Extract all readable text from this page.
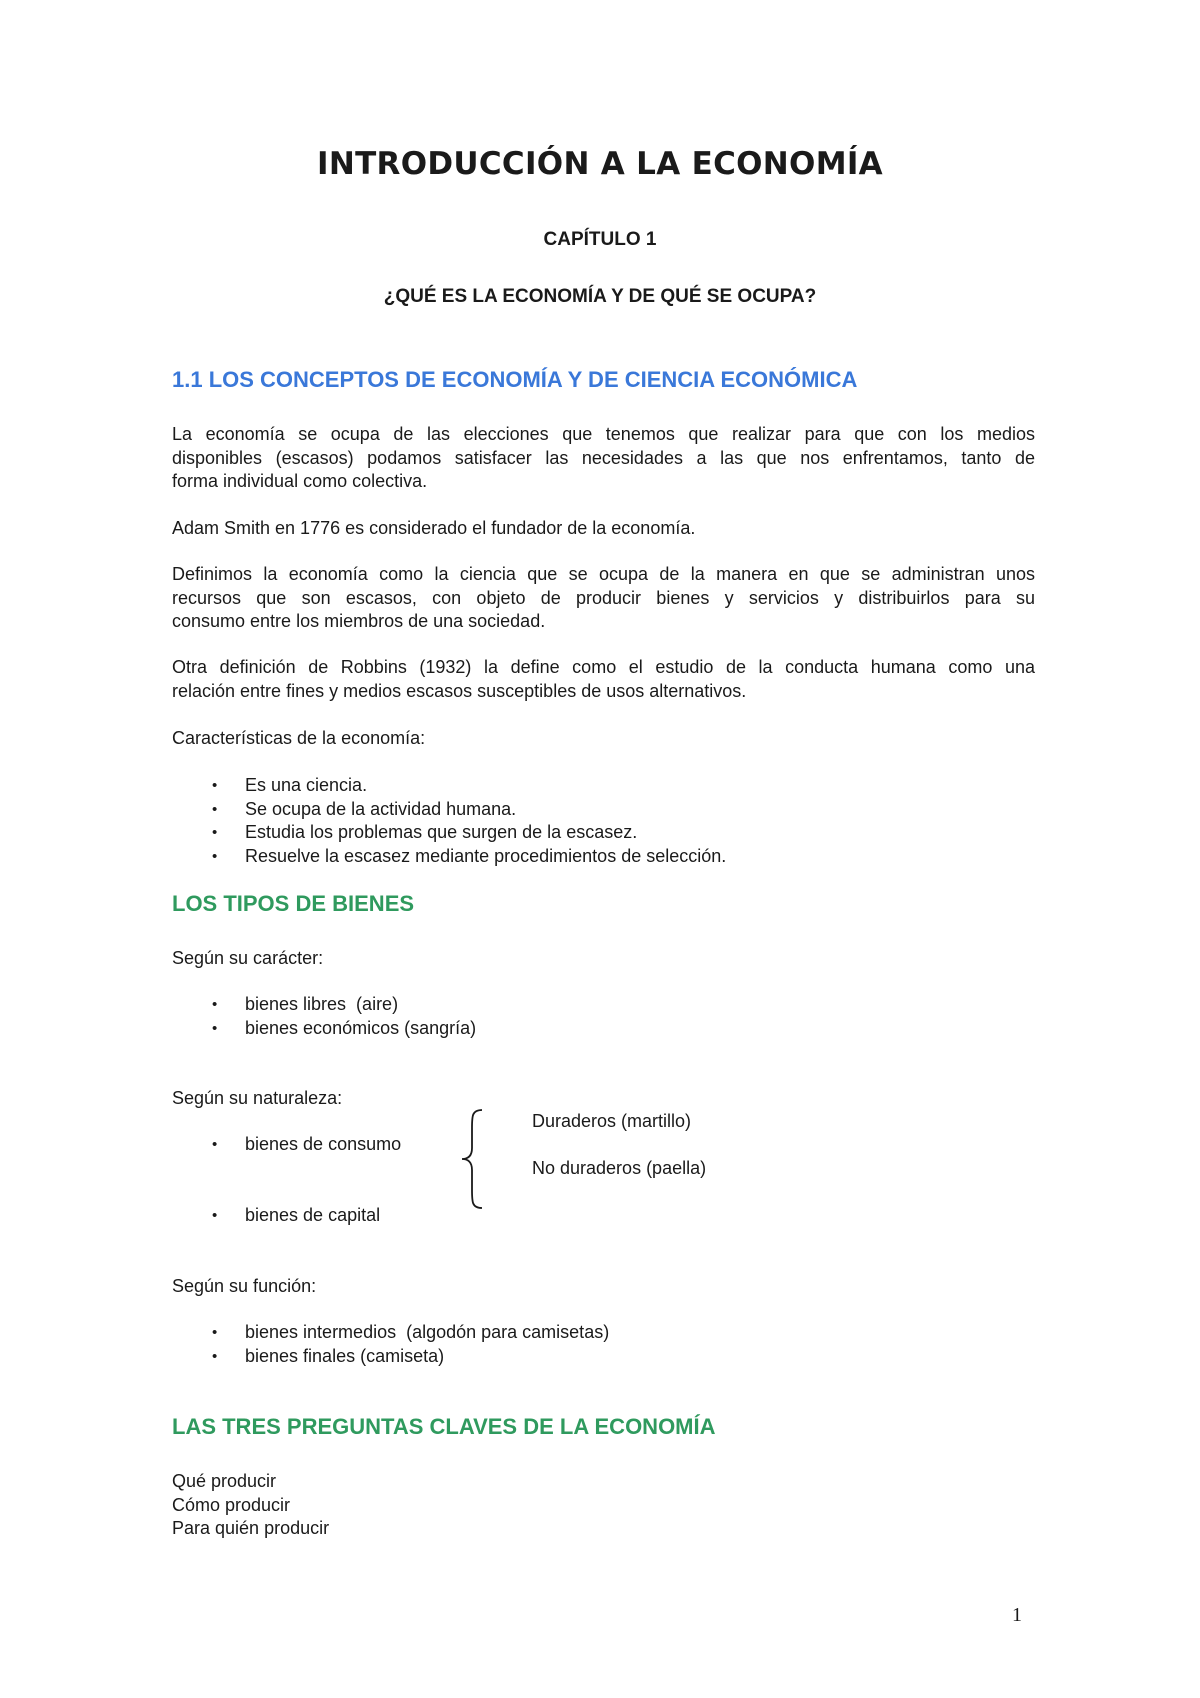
INTRODUCCIÓN A LA ECONOMÍA
CAPÍTULO 1
¿QUÉ ES LA ECONOMÍA Y DE QUÉ SE OCUPA?
1.1 LOS CONCEPTOS DE ECONOMÍA Y DE CIENCIA ECONÓMICA
La economía se ocupa de las elecciones que tenemos que realizar para que con los medios
disponibles (escasos) podamos satisfacer las necesidades a las que nos enfrentamos, tanto de
forma individual como colectiva.
Adam Smith en 1776 es considerado el fundador de la economía.
Definimos la economía como la ciencia que se ocupa de la manera en que se administran unos
recursos que son escasos, con objeto de producir bienes y servicios y distribuirlos para su
consumo entre los miembros de una sociedad.
Otra definición de Robbins (1932) la define como el estudio de la conducta humana como una
relación entre fines y medios escasos susceptibles de usos alternativos.
Características de la economía:
• Es una ciencia.
• Se ocupa de la actividad humana.
• Estudia los problemas que surgen de la escasez.
• Resuelve la escasez mediante procedimientos de selección.
LOS TIPOS DE BIENES
Según su carácter:
• bienes libres  (aire)
• bienes económicos (sangría)
Según su naturaleza:
• bienes de consumo
• bienes de capital
Duraderos (martillo)
No duraderos (paella)
Según su función:
• bienes intermedios  (algodón para camisetas)
• bienes finales (camiseta)
LAS TRES PREGUNTAS CLAVES DE LA ECONOMÍA
Qué producir
Cómo producir
Para quién producir
1
